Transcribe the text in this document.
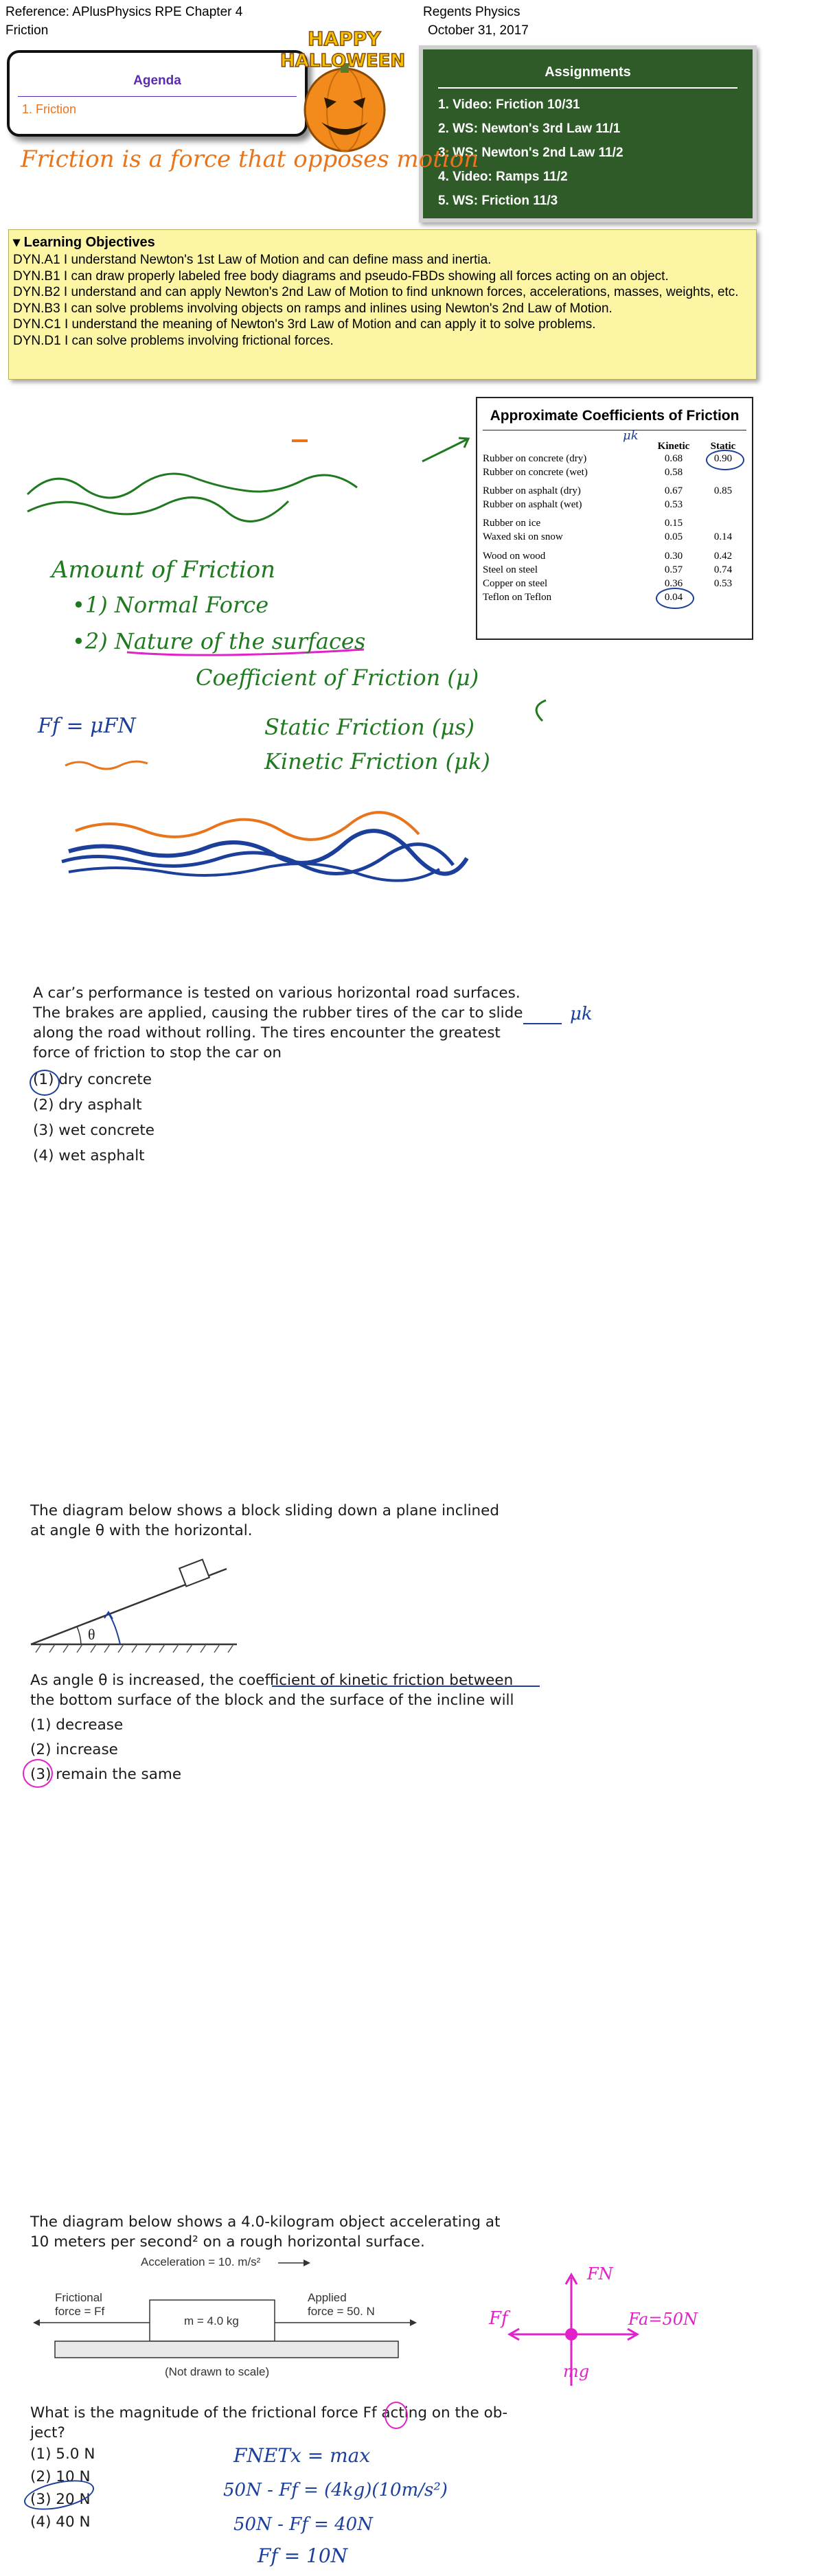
Reference: APlusPhysics RPE Chapter 4
Friction
Regents Physics
October 31, 2017
Agenda
1. Friction
HAPPY
HALLOWEEN
Assignments
1. Video: Friction 10/31
2. WS: Newton's 3rd Law 11/1
3. WS: Newton's 2nd Law 11/2
4. Video: Ramps 11/2
5. WS: Friction 11/3
Friction is a force that opposes motion
▾ Learning Objectives
DYN.A1 I understand Newton's 1st Law of Motion and can define mass and inertia.
DYN.B1 I can draw properly labeled free body diagrams and pseudo-FBDs showing all forces acting on an object.
DYN.B2 I understand and can apply Newton's 2nd Law of Motion to find unknown forces, accelerations, masses, weights, etc.
DYN.B3 I can solve problems involving objects on ramps and inlines using Newton's 2nd Law of Motion.
DYN.C1 I understand the meaning of Newton's 3rd Law of Motion and can apply it to solve problems.
DYN.D1 I can solve problems involving frictional forces.
Amount of Friction
•1) Normal Force
•2) Nature of the surfaces
Coefficient of Friction (μ)
Ff = μFN	Static Friction (μs)
Kinetic Friction (μk)
Approximate Coefficients of Friction
Kinetic	Static
Rubber on concrete (dry)	0.68	0.90
Rubber on concrete (wet)	0.58
Rubber on asphalt (dry)	0.67	0.85
Rubber on asphalt (wet)	0.53
Rubber on ice	0.15
Waxed ski on snow	0.05	0.14
Wood on wood	0.30	0.42
Steel on steel	0.57	0.74
Copper on steel	0.36	0.53
Teflon on Teflon	0.04
μk
A car’s performance is tested on various horizontal road surfaces.
The brakes are applied, causing the rubber tires of the car to slide
along the road without rolling. The tires encounter the greatest
force of friction to stop the car on
(1) dry concrete
(2) dry asphalt
(3) wet concrete
(4) wet asphalt
μk
The diagram below shows a block sliding down a plane inclined
at angle θ with the horizontal.
θ
As angle θ is increased, the coefficient of kinetic friction between
the bottom surface of the block and the surface of the incline will
(1) decrease
(2) increase
(3) remain the same
The diagram below shows a 4.0-kilogram object accelerating at
10 meters per second² on a rough horizontal surface.
Acceleration = 10. m/s²
Frictional
force = Ff
m = 4.0 kg
Applied
force = 50. N
(Not drawn to scale)
What is the magnitude of the frictional force Ff acting on the ob-
ject?
(1) 5.0 N
(2) 10 N
(3) 20 N
(4) 40 N
FN
Ff	Fa=50N
mg
FNETx = max
50N - Ff = (4kg)(10m/s²)
50N - Ff = 40N
Ff = 10N
